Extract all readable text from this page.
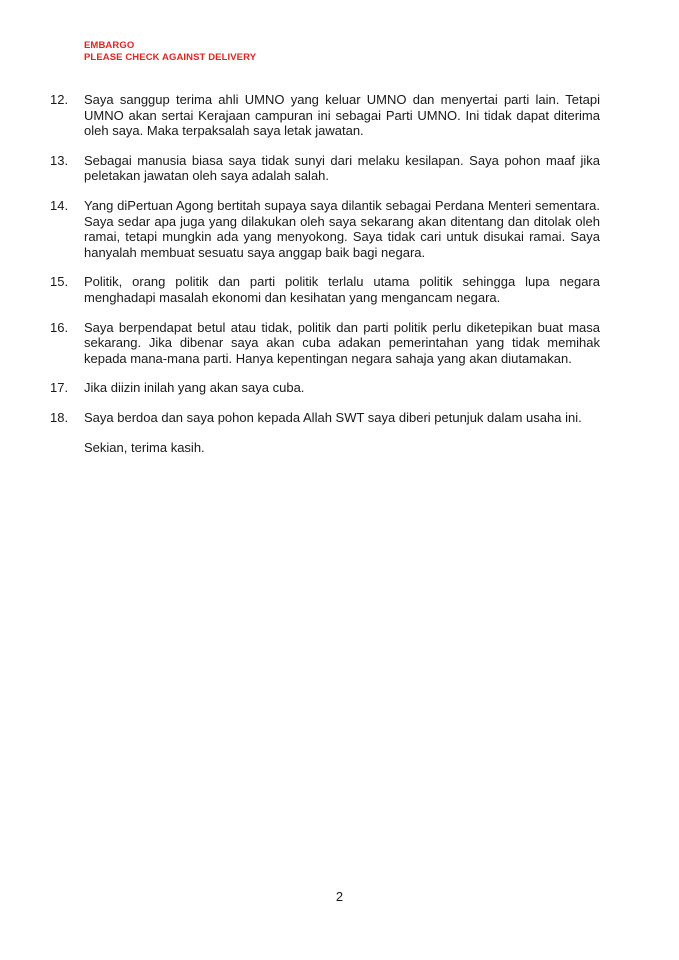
EMBARGO
PLEASE CHECK AGAINST DELIVERY
12.	Saya sanggup terima ahli UMNO yang keluar UMNO dan menyertai parti lain. Tetapi UMNO akan sertai Kerajaan campuran ini sebagai Parti UMNO. Ini tidak dapat diterima oleh saya. Maka terpaksalah saya letak jawatan.
13.	Sebagai manusia biasa saya tidak sunyi dari melaku kesilapan. Saya pohon maaf jika peletakan jawatan oleh saya adalah salah.
14.	Yang diPertuan Agong bertitah supaya saya dilantik sebagai Perdana Menteri sementara. Saya sedar apa juga yang dilakukan oleh saya sekarang akan ditentang dan ditolak oleh ramai, tetapi mungkin ada yang menyokong. Saya tidak cari untuk disukai ramai. Saya hanyalah membuat sesuatu saya anggap baik bagi negara.
15.	Politik, orang politik dan parti politik terlalu utama politik sehingga lupa negara menghadapi masalah ekonomi dan kesihatan yang mengancam negara.
16.	Saya berpendapat betul atau tidak, politik dan parti politik perlu diketepikan buat masa sekarang. Jika dibenar saya akan cuba adakan pemerintahan yang tidak memihak kepada mana-mana parti. Hanya kepentingan negara sahaja yang akan diutamakan.
17.	Jika diizin inilah yang akan saya cuba.
18.	Saya berdoa dan saya pohon kepada Allah SWT saya diberi petunjuk dalam usaha ini.
Sekian, terima kasih.
2
